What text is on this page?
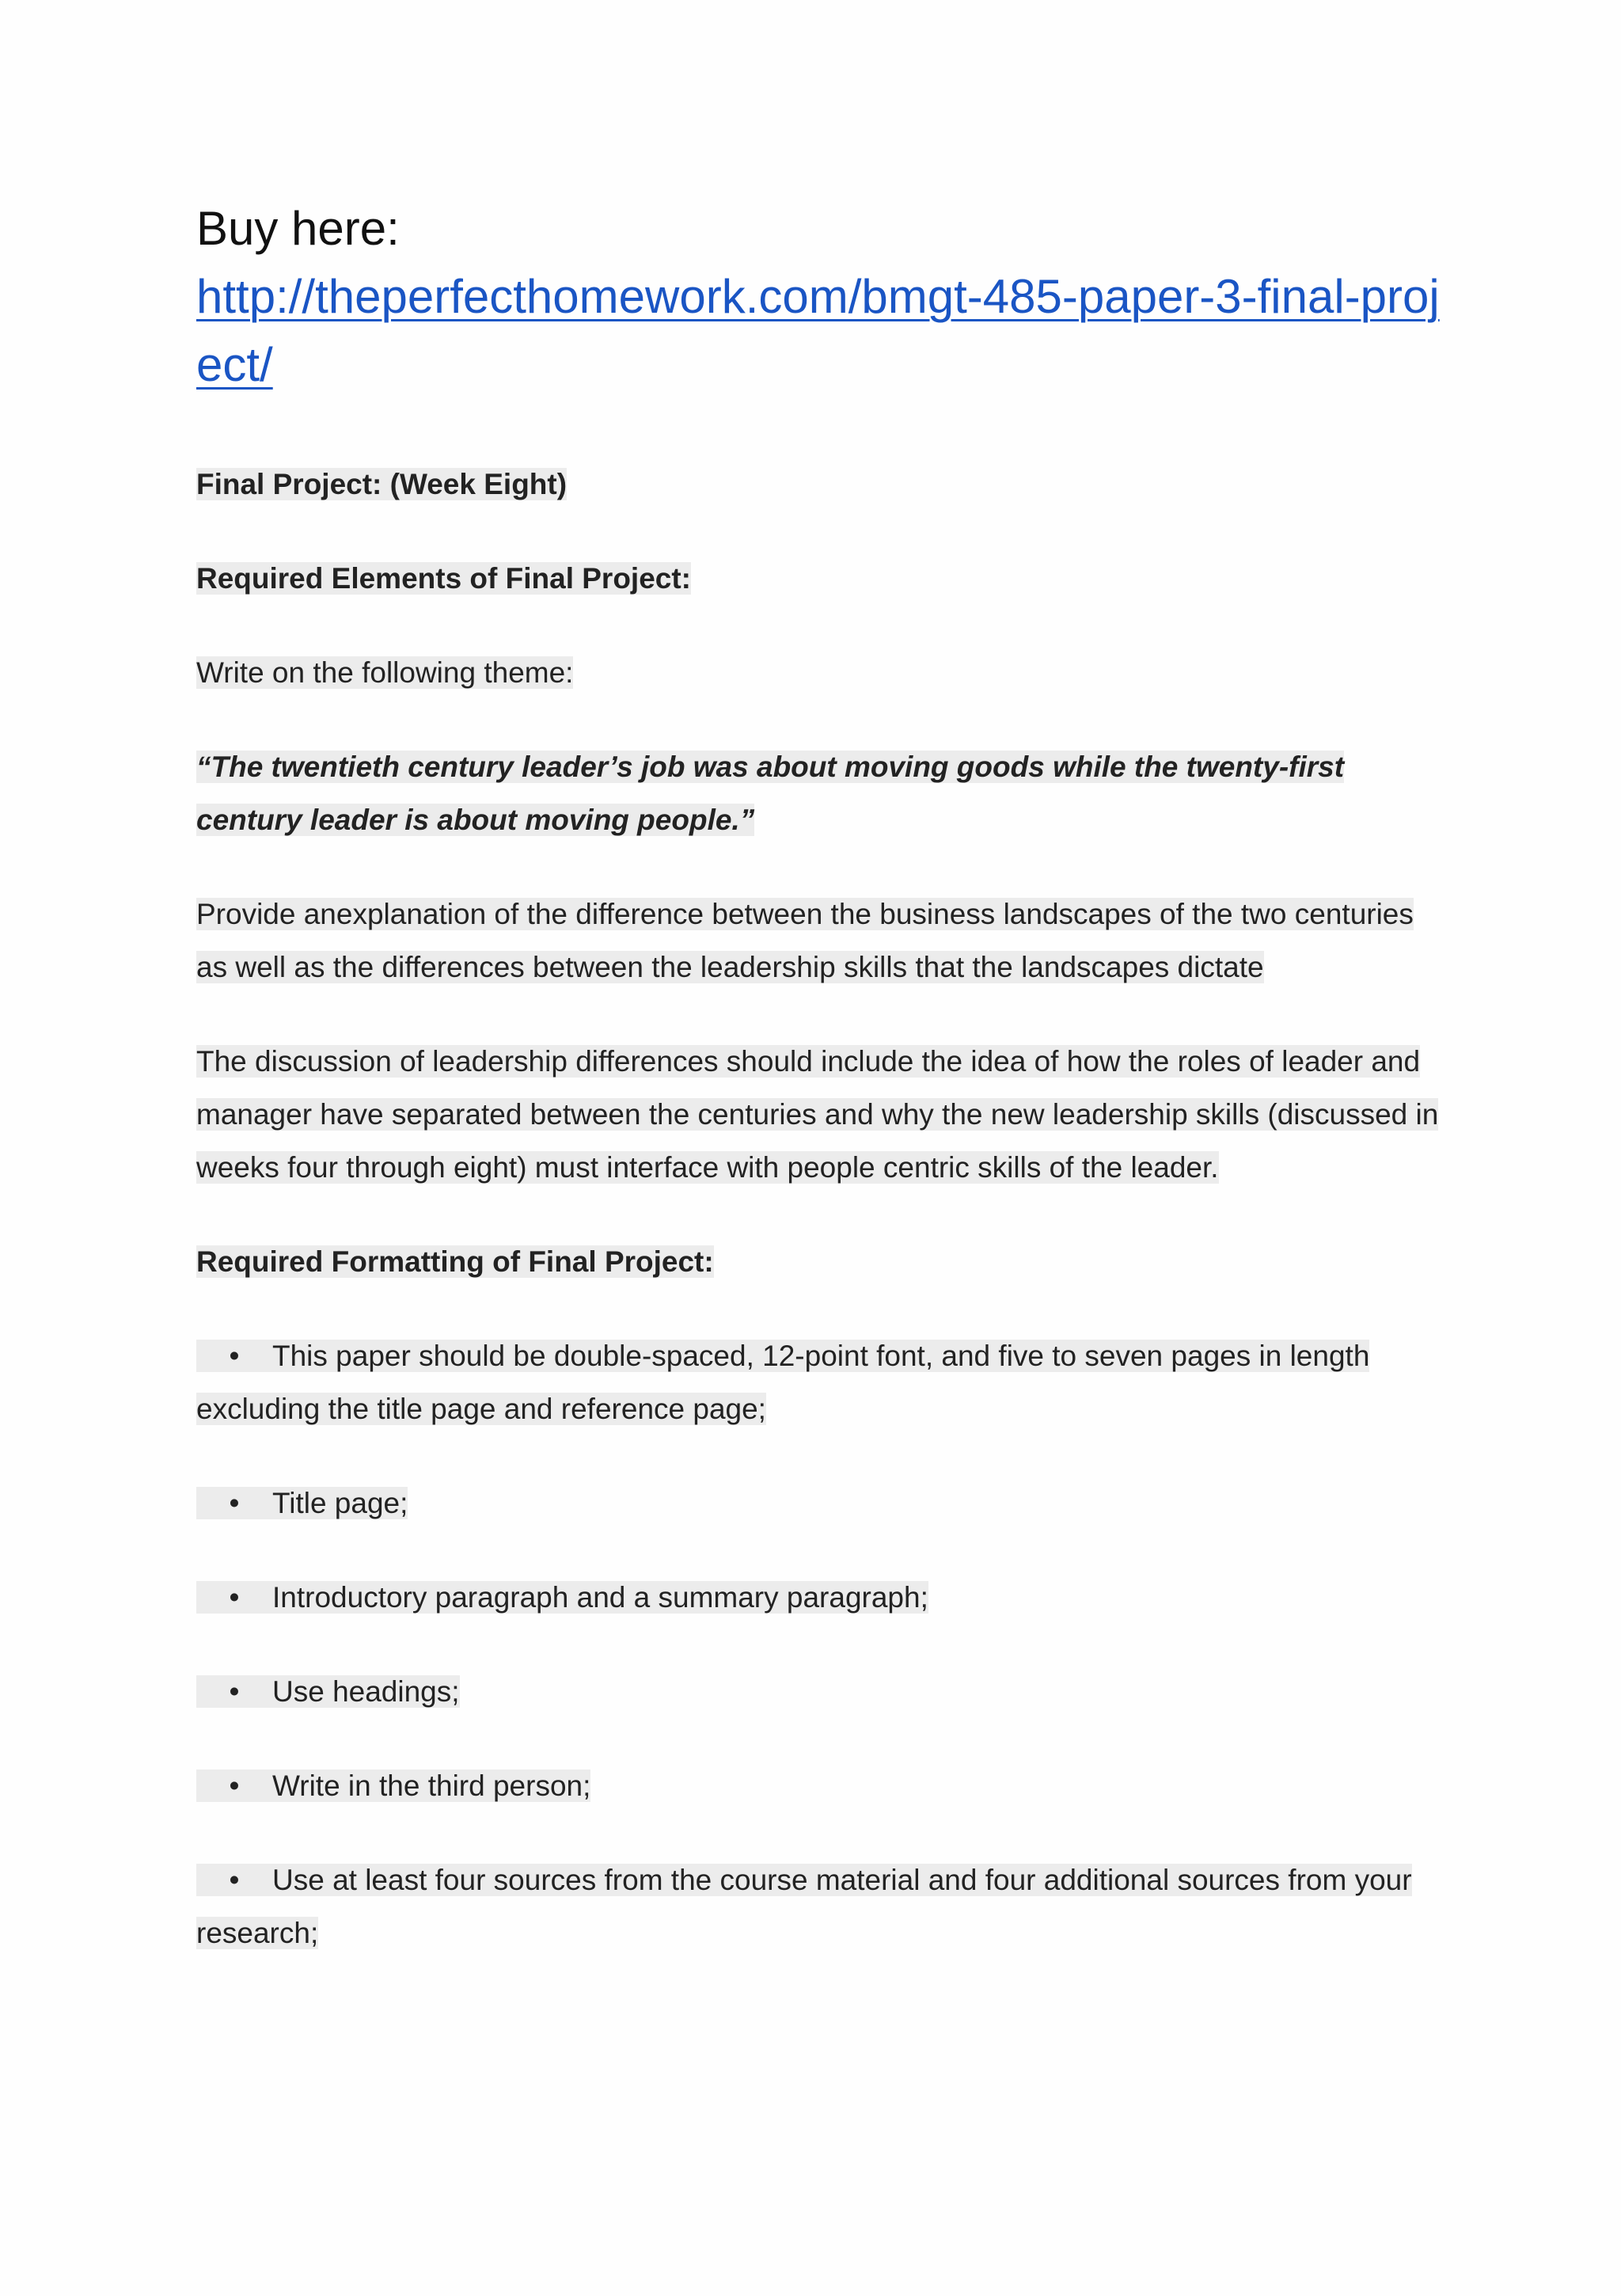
Buy here:

http://theperfecthomework.com/bmgt-485-paper-3-final-project/

Final Project: (Week Eight)

Required Elements of Final Project:

Write on the following theme:

“The twentieth century leader’s job was about moving goods while the twenty-first century leader is about moving people.”

Provide anexplanation of the difference between the business landscapes of the two centuries as well as the differences between the leadership skills that the landscapes dictate

The discussion of leadership differences should include the idea of how the roles of leader and manager have separated between the centuries and why the new leadership skills (discussed in weeks four through eight) must interface with people centric skills of the leader.

Required Formatting of Final Project:

• This paper should be double-spaced, 12-point font, and five to seven pages in length excluding the title page and reference page;

• Title page;

• Introductory paragraph and a summary paragraph;

• Use headings;

• Write in the third person;

• Use at least four sources from the course material and four additional sources from your research;
